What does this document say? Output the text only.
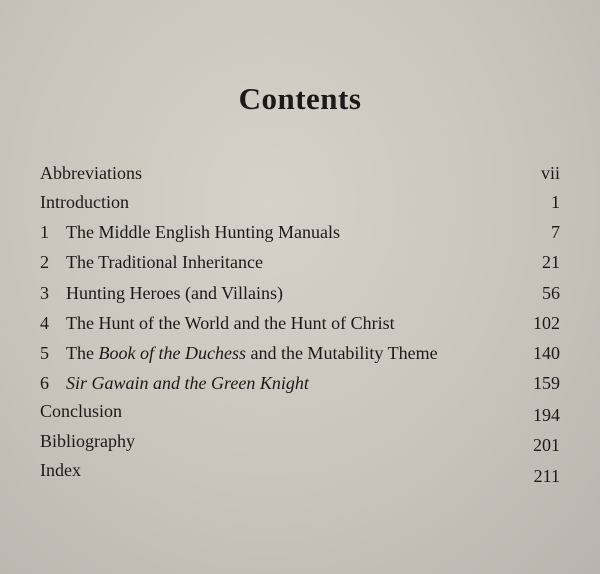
Contents
Abbreviations	vii
Introduction	1
1 The Middle English Hunting Manuals	7
2 The Traditional Inheritance	21
3 Hunting Heroes (and Villains)	56
4 The Hunt of the World and the Hunt of Christ	102
5 The Book of the Duchess and the Mutability Theme	140
6 Sir Gawain and the Green Knight	159
Conclusion	194
Bibliography	201
Index	211
